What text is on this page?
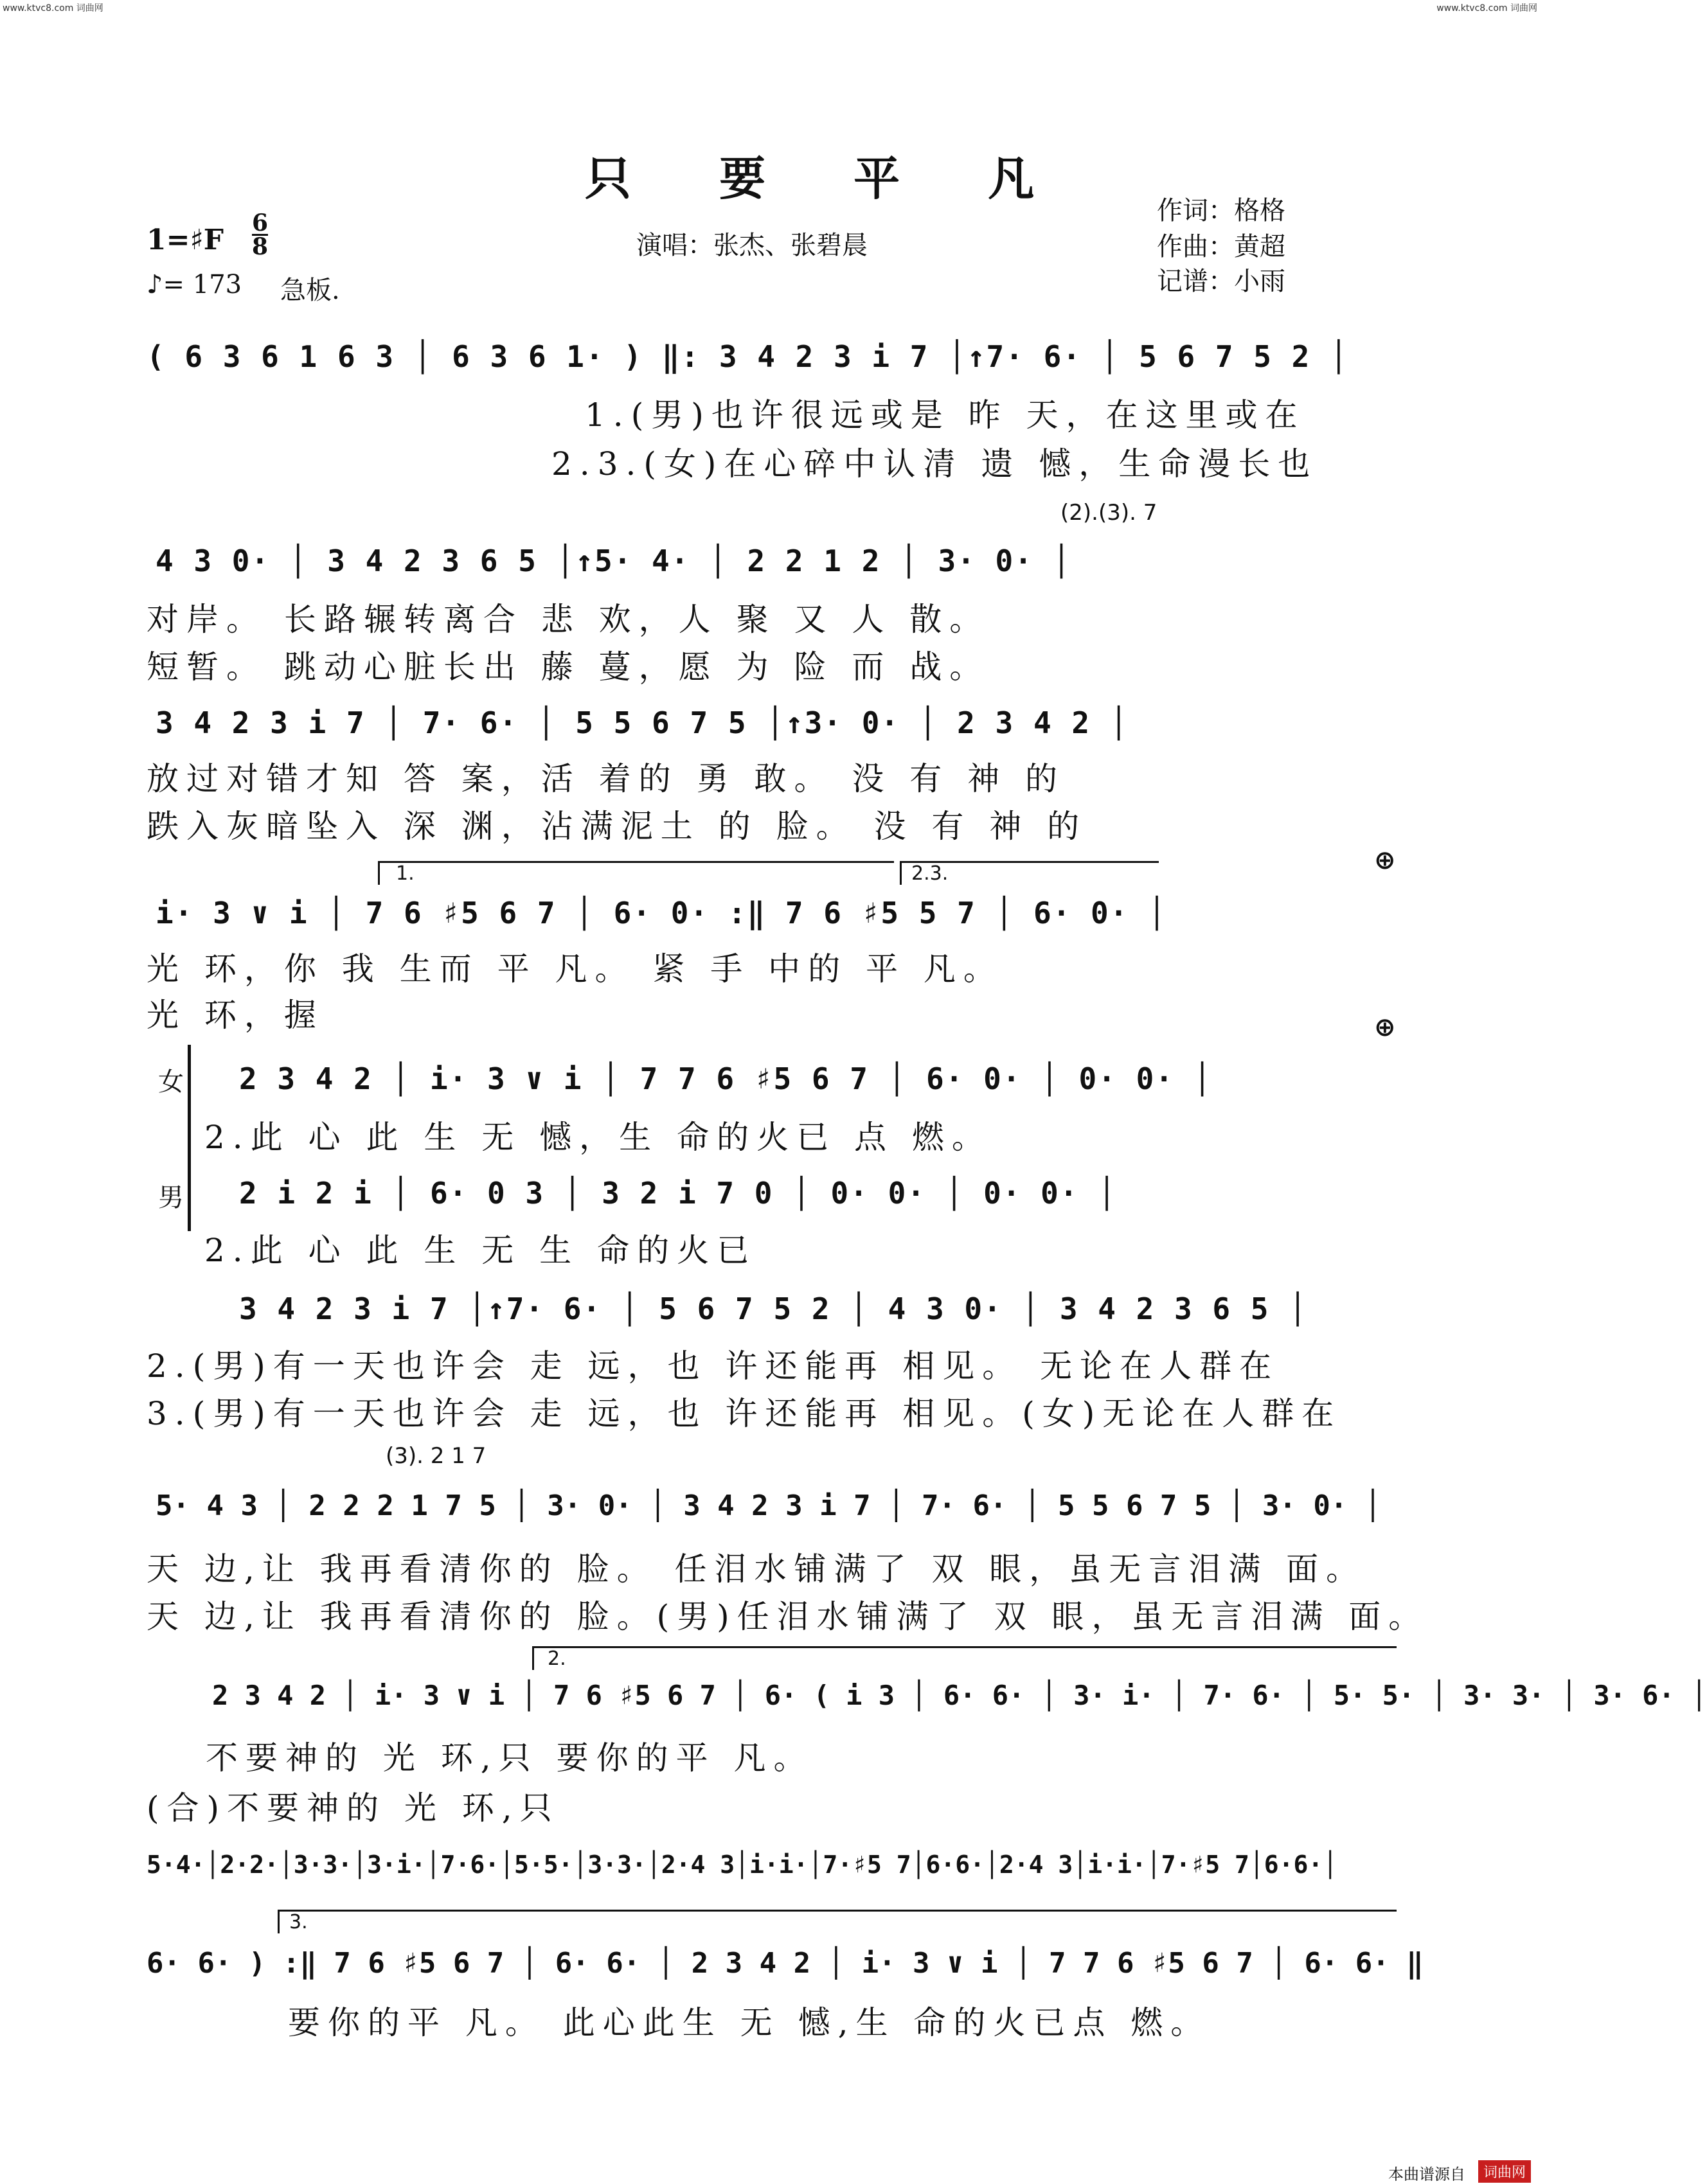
www.ktvc8.com 词曲网	www.ktvc8.com 词曲网
只 要 平 凡
1=♯F
6
8
♪= 173 急板.
演唱：张杰、张碧晨
作词：格格
作曲：黄超
记谱：小雨
( 6 3 6 1 6 3 │ 6 3 6 1· ) ‖: 3 4 2 3 i 7 │↑7· 6· │ 5 6 7 5 2 │
1.(男)也许很远或是 昨 天，在这里或在
2.3.(女)在心碎中认清 遗 憾，生命漫长也
(2).(3). 7
4 3 0· │ 3 4 2 3 6 5 │↑5· 4· │ 2 2 1 2 │ 3· 0· │
对岸。 长路辗转离合 悲 欢，人 聚 又 人 散。
短暂。 跳动心脏长出 藤 蔓，愿 为 险 而 战。
3 4 2 3 i 7 │ 7· 6· │ 5 5 6 7 5 │↑3· 0· │ 2 3 4 2 │
放过对错才知 答 案，活 着的 勇 敢。 没 有 神 的
跌入灰暗坠入 深 渊，沾满泥土 的 脸。 没 有 神 的
1.	2.3.	⊕
i· 3 ∨ i │ 7 6 ♯5 6 7 │ 6· 0· :‖ 7 6 ♯5 5 7 │ 6· 0· │
光 环，你 我 生而 平 凡。 紧 手 中的 平 凡。
光 环，握	⊕
女
男
2 3 4 2 │ i· 3 ∨ i │ 7 7 6 ♯5 6 7 │ 6· 0· │ 0· 0· │
2.此 心 此 生 无 憾，生 命的火已 点 燃。
2 i 2 i │ 6· 0 3 │ 3 2 i 7 0 │ 0· 0· │ 0· 0· │
2.此 心 此 生 无 生 命的火已
3 4 2 3 i 7 │↑7· 6· │ 5 6 7 5 2 │ 4 3 0· │ 3 4 2 3 6 5 │
2.(男)有一天也许会 走 远，也 许还能再 相见。 无论在人群在
3.(男)有一天也许会 走 远，也 许还能再 相见。(女)无论在人群在
(3). 2 1 7
5· 4 3 │ 2 2 2 1 7 5 │ 3· 0· │ 3 4 2 3 i 7 │ 7· 6· │ 5 5 6 7 5 │ 3· 0· │
天 边,让 我再看清你的 脸。 任泪水铺满了 双 眼，虽无言泪满 面。
天 边,让 我再看清你的 脸。(男)任泪水铺满了 双 眼，虽无言泪满 面。
2.
2 3 4 2 │ i· 3 ∨ i │ 7 6 ♯5 6 7 │ 6· ( i 3 │ 6· 6· │ 3· i· │ 7· 6· │ 5· 5· │ 3· 3· │ 3· 6· │
不要神的 光 环,只 要你的平 凡。
(合)不要神的 光 环,只
5·4·│2·2·│3·3·│3·i·│7·6·│5·5·│3·3·│2·4 3│i·i·│7·♯5 7│6·6·│2·4 3│i·i·│7·♯5 7│6·6·│
3.
6· 6· ) :‖ 7 6 ♯5 6 7 │ 6· 6· │ 2 3 4 2 │ i· 3 ∨ i │ 7 7 6 ♯5 6 7 │ 6· 6· ‖
要你的平 凡。 此心此生 无 憾,生 命的火已点 燃。
本曲谱源自	词曲网
